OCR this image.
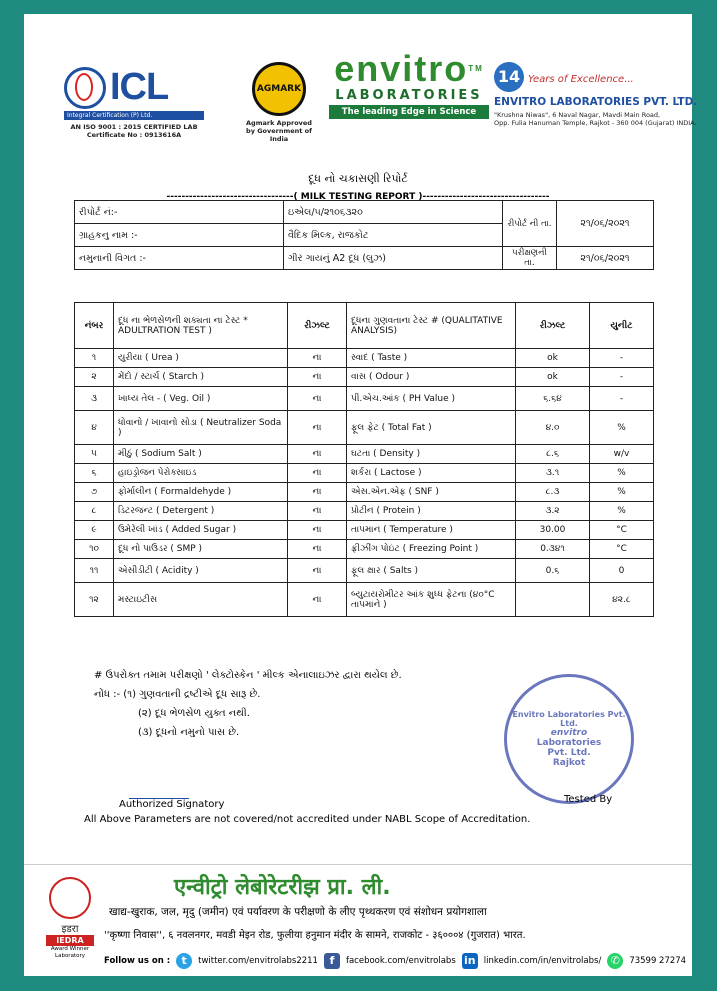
ICL
Integral Certification (P) Ltd.
AN ISO 9001 : 2015 CERTIFIED LAB
Certificate No : 0913616A
AGMARK
Agmark Approved
by Government of India
envitro™
LABORATORIES
The leading Edge in Science
14 Years of Excellence...
ENVITRO LABORATORIES PVT. LTD.
"Krushna Niwas", 6 Naval Nagar, Mavdi Main Road,
Opp. Fulia Hanuman Temple, Rajkot - 360 004 (Gujarat) INDIA.
દૂધ નો ચકાસણી રિપોર્ટ
----------------------------------( MILK TESTING REPORT )----------------------------------
રીપોર્ટ નં:-	ઇએલ/૫/૨૧૦૬૩૨૦	રીપોર્ટ ની તા.	૨૧/૦૬/૨૦૨૧
ગ્રાહકનુ નામ :-	વૈદિક મિલ્ક, રાજકોટ		
નમુનાની વિગત :-	ગીર ગાયનું A2 દૂધ (લુઝ)	પરીક્ષણની તા.	૨૧/૦૬/૨૦૨૧
નંબર	દૂધ ના ભેળસેળની શક્યતા ના ટેસ્ટ * ADULTRATION TEST )	રીઝલ્ટ	દૂધના ગુણવતાના ટેસ્ટ # (QUALITATIVE ANALYSIS)	રીઝલ્ટ	યુનીટ
૧	યુરીયા ( Urea )	ના	સ્વાદ ( Taste )	ok	-
૨	મેંદો / સ્ટાર્ચ ( Starch )	ના	વાસ ( Odour )	ok	-
૩	ખાધ્ય તેલ - ( Veg. Oil )	ના	પી.એચ.આંક ( PH Value )	૬.૬૪	-
૪	ધોવાનો / ખાવાનો સોડા ( Neutralizer Soda )	ના	ફૂલ ફેટ ( Total Fat )	૪.૦	%
૫	મીઠું ( Sodium Salt )	ના	ઘટતા ( Density )	૮.૬	w/v
૬	હાઇડ્રોજન પેરોક્સાઇડ	ના	શર્કરા ( Lactose )	૩.૧	%
૭	ફોર્માલીન ( Formaldehyde )	ના	એસ.એન.એફ ( SNF )	૮.૩	%
૮	ડિટરજન્ટ ( Detergent )	ના	પ્રોટીન ( Protein )	૩.૨	%
૯	ઉમેરેલી ખાંડ ( Added Sugar )	ના	તાપમાન ( Temperature )	30.00	°C
૧૦	દૂધ નો પાઉડર ( SMP )	ના	ફ્રીઝીંગ પોઇંટ ( Freezing Point )	0.૩૪૧	°C
૧૧	એસીડીટી ( Acidity )	ના	ફૂલ ક્ષાર ( Salts )	0.૬	0
૧૨	મસ્ટાઇટીસ	ના	બ્યુટાયરોમીટર આંક શુધ્ધ ફેટના (૪૦°C તાપમાને )		૪૨.૮
# ઉપરોક્ત તમામ પરીક્ષણો ' લેક્ટોસ્કેન ' મીલ્ક એનાલાઇઝર દ્વારા થયેલ છે.
નોંધ :- (૧) ગુણવતાની દ્રષ્ટીએ દૂધ સારૂ છે.
(૨) દૂધ ભેળસેળ યુક્ત નથી.
(૩) દૂધનો નમુનો પાસ છે.
Envitro Laboratories Pvt. Ltd.
envitro
Laboratories
Pvt. Ltd.
Rajkot
Authorized Signatory	Tested By
All Above Parameters are not covered/not accredited under NABL Scope of Accreditation.
इडरा
IEDRA
Award Winner Laboratory
एन्वीट्रो लेबोरेटरीझ प्रा. ली.
खाद्य-खुराक, जल, मृदु (जमीन) एवं पर्यावरण के परीक्षणो के लीए पृथ्थकरण एवं संशोधन प्रयोगशाला
''कृष्णा निवास'', ६ नवलनगर, मवडी मेइन रोड, फुलीया हनुमान मंदीर के सामने, राजकोट - ३६०००४ (गुजरात) भारत.
Follow us on :	t	twitter.com/envitrolabs2211	f	facebook.com/envitrolabs in linkedin.com/in/envitrolabs/ ✆	73599 27274
